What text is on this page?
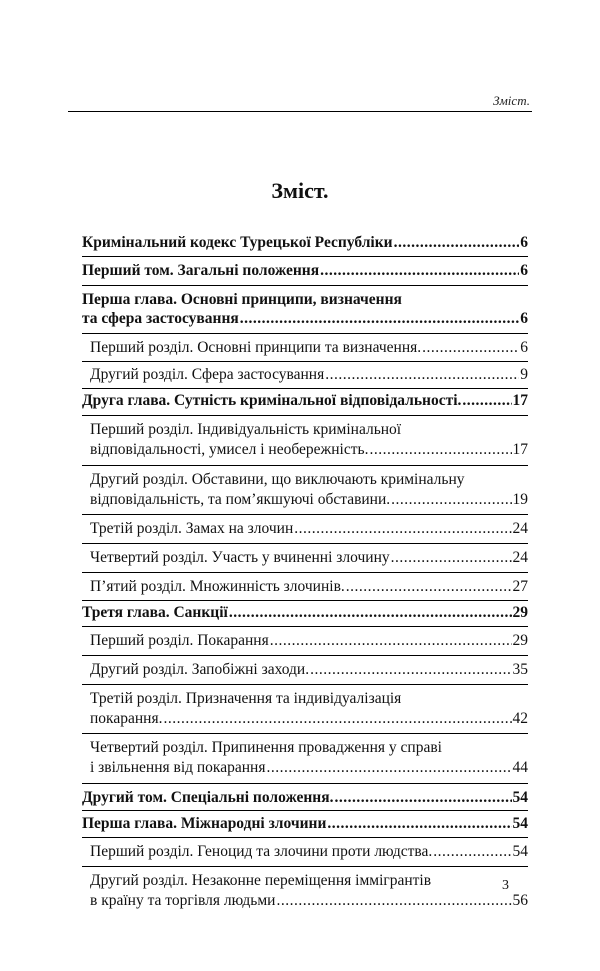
Зміст.
Зміст.
Кримінальний кодекс Турецької Республіки .....	6
Перший том. Загальні положення .....	6
Перша глава. Основні принципи, визначення
та сфера застосування .....	6
Перший розділ. Основні принципи та визначення. .....	6
Другий розділ. Сфера застосування .....	9
Друга глава. Сутність кримінальної відповідальності. .....	17
Перший розділ. Індивідуальність кримінальної
відповідальності, умисел і необережність. .....	17
Другий розділ. Обставини, що виключають кримінальну
відповідальність, та пом’якшуючі обставини. .....	19
Третій розділ. Замах на злочин .....	24
Четвертий розділ. Участь у вчиненні злочину .....	24
П’ятий розділ. Множинність злочинів. .....	27
Третя глава. Санкції .....	29
Перший розділ. Покарання .....	29
Другий розділ. Запобіжні заходи. .....	35
Третій розділ. Призначення та індивідуалізація
покарання. .....	42
Четвертий розділ. Припинення провадження у справі
і звільнення від покарання .....	44
Другий том. Спеціальні положення. .....	54
Перша глава. Міжнародні злочини .....	54
Перший розділ. Геноцид та злочини проти людства. .....	54
Другий розділ. Незаконне переміщення іммігрантів
в країну та торгівля людьми .....	56
3
